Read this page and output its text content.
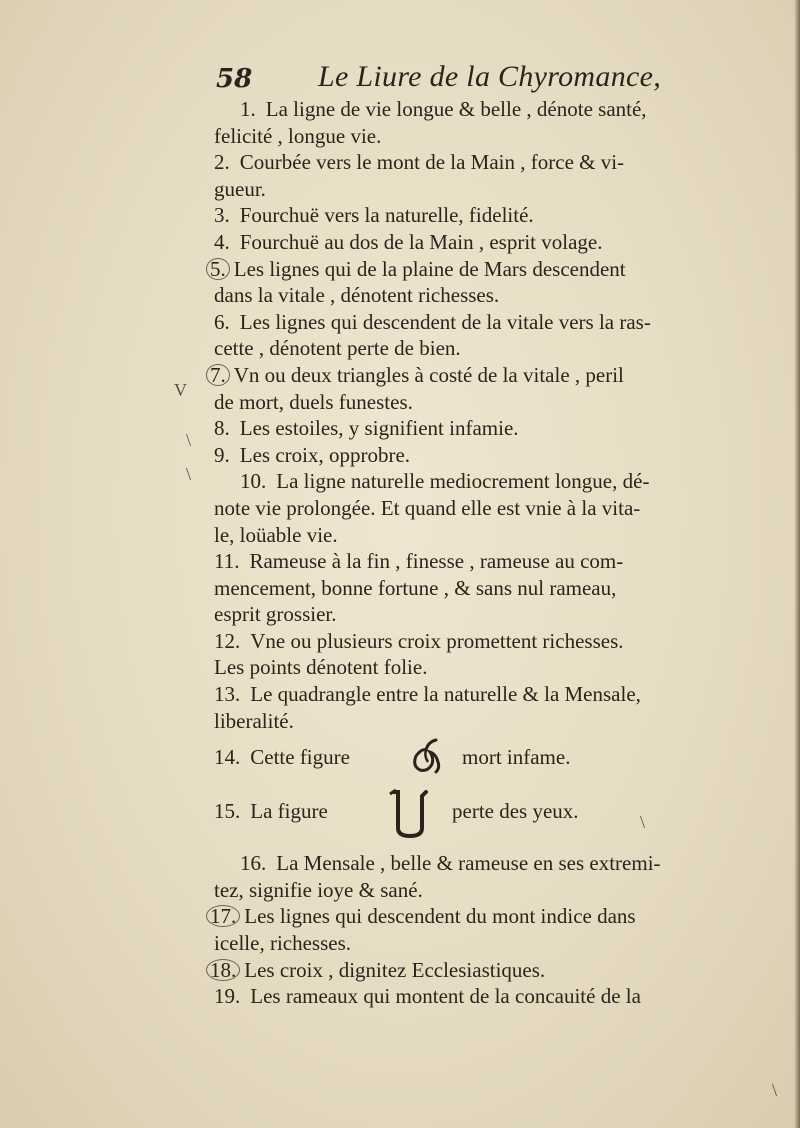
58 Le Liure de la Chyromance,
V
\
\
\
\
1. La ligne de vie longue & belle , dénote santé,
felicité , longue vie.
2. Courbée vers le mont de la Main , force & vi-
gueur.
3. Fourchuë vers la naturelle, fidelité.
4. Fourchuë au dos de la Main , esprit volage.
5. Les lignes qui de la plaine de Mars descendent
dans la vitale , dénotent richesses.
6. Les lignes qui descendent de la vitale vers la ras-
cette , dénotent perte de bien.
7. Vn ou deux triangles à costé de la vitale , peril
de mort, duels funestes.
8. Les estoiles, y signifient infamie.
9. Les croix, opprobre.
10. La ligne naturelle mediocrement longue, dé-
note vie prolongée. Et quand elle est vnie à la vita-
le, loüable vie.
11. Rameuse à la fin , finesse , rameuse au com-
mencement, bonne fortune , & sans nul rameau,
esprit grossier.
12. Vne ou plusieurs croix promettent richesses.
Les points dénotent folie.
13. Le quadrangle entre la naturelle & la Mensale,
liberalité.
14. Cette figure	mort infame.
15. La figure	perte des yeux.
16. La Mensale , belle & rameuse en ses extremi-
tez, signifie ioye & sané.
17. Les lignes qui descendent du mont indice dans
icelle, richesses.
18. Les croix , dignitez Ecclesiastiques.
19. Les rameaux qui montent de la concauité de la
